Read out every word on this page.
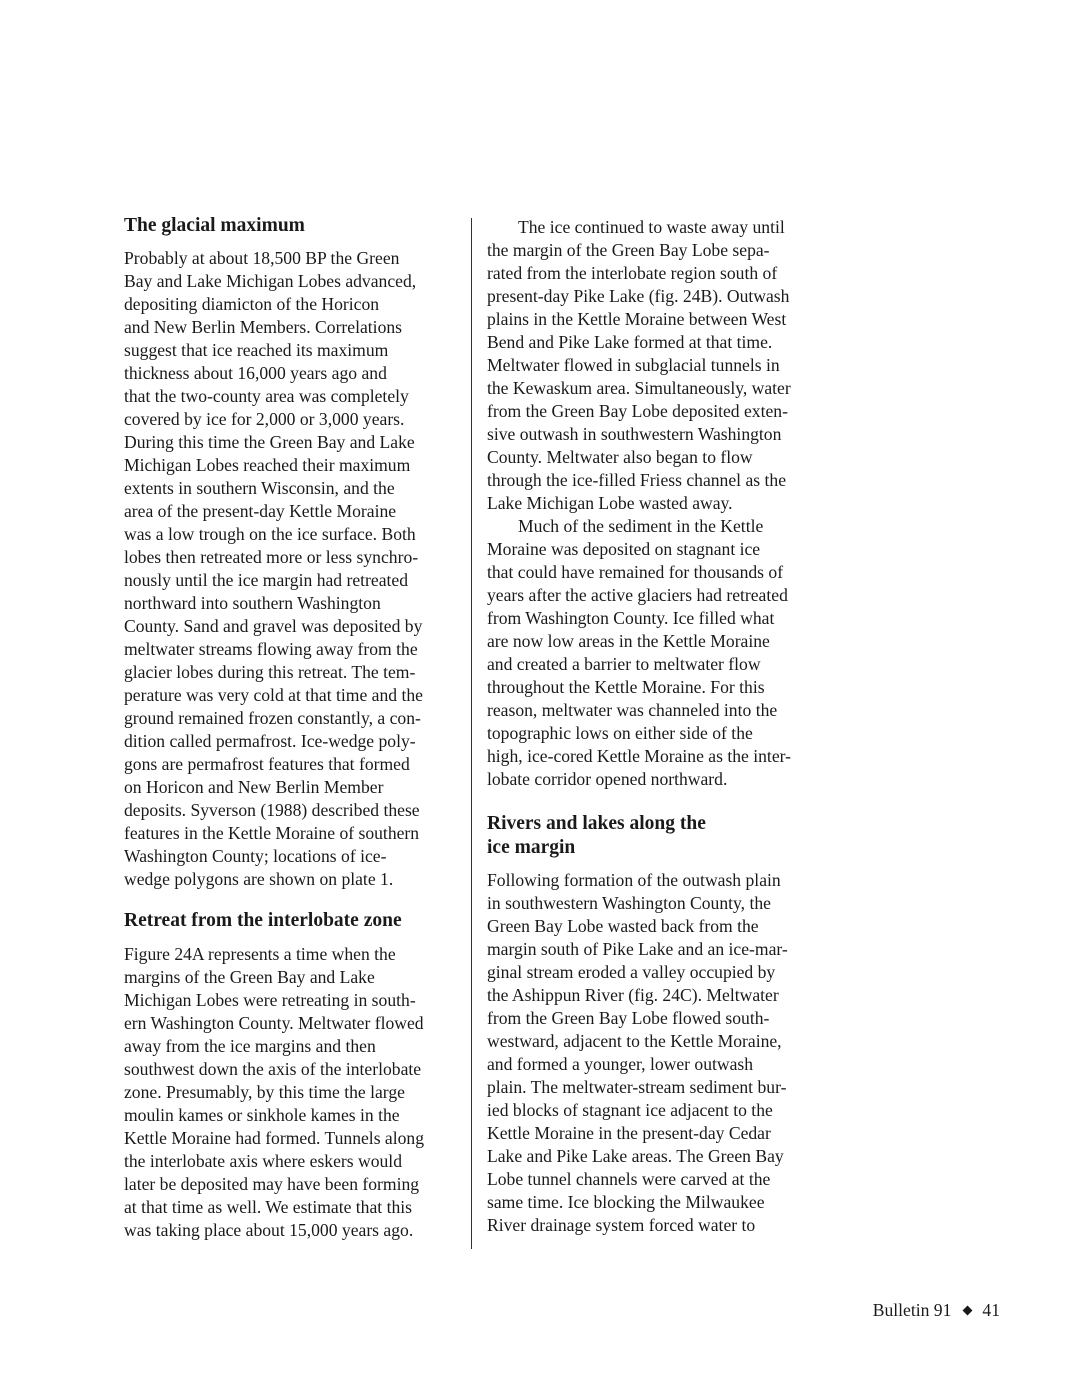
The glacial maximum

Probably at about 18,500 BP the Green
Bay and Lake Michigan Lobes advanced,
depositing diamicton of the Horicon
and New Berlin Members. Correlations
suggest that ice reached its maximum
thickness about 16,000 years ago and
that the two-county area was completely
covered by ice for 2,000 or 3,000 years.
During this time the Green Bay and Lake
Michigan Lobes reached their maximum
extents in southern Wisconsin, and the
area of the present-day Kettle Moraine
was a low trough on the ice surface. Both
lobes then retreated more or less synchro-
nously until the ice margin had retreated
northward into southern Washington
County. Sand and gravel was deposited by
meltwater streams flowing away from the
glacier lobes during this retreat. The tem-
perature was very cold at that time and the
ground remained frozen constantly, a con-
dition called permafrost. Ice-wedge poly-
gons are permafrost features that formed
on Horicon and New Berlin Member
deposits. Syverson (1988) described these
features in the Kettle Moraine of southern
Washington County; locations of ice-
wedge polygons are shown on plate 1.

Retreat from the interlobate zone

Figure 24A represents a time when the
margins of the Green Bay and Lake
Michigan Lobes were retreating in south-
ern Washington County. Meltwater flowed
away from the ice margins and then
southwest down the axis of the interlobate
zone. Presumably, by this time the large
moulin kames or sinkhole kames in the
Kettle Moraine had formed. Tunnels along
the interlobate axis where eskers would
later be deposited may have been forming
at that time as well. We estimate that this
was taking place about 15,000 years ago.

The ice continued to waste away until
the margin of the Green Bay Lobe sepa-
rated from the interlobate region south of
present-day Pike Lake (fig. 24B). Outwash
plains in the Kettle Moraine between West
Bend and Pike Lake formed at that time.
Meltwater flowed in subglacial tunnels in
the Kewaskum area. Simultaneously, water
from the Green Bay Lobe deposited exten-
sive outwash in southwestern Washington
County. Meltwater also began to flow
through the ice-filled Friess channel as the
Lake Michigan Lobe wasted away.

Much of the sediment in the Kettle
Moraine was deposited on stagnant ice
that could have remained for thousands of
years after the active glaciers had retreated
from Washington County. Ice filled what
are now low areas in the Kettle Moraine
and created a barrier to meltwater flow
throughout the Kettle Moraine. For this
reason, meltwater was channeled into the
topographic lows on either side of the
high, ice-cored Kettle Moraine as the inter-
lobate corridor opened northward.

Rivers and lakes along the
ice margin

Following formation of the outwash plain
in southwestern Washington County, the
Green Bay Lobe wasted back from the
margin south of Pike Lake and an ice-mar-
ginal stream eroded a valley occupied by
the Ashippun River (fig. 24C). Meltwater
from the Green Bay Lobe flowed south-
westward, adjacent to the Kettle Moraine,
and formed a younger, lower outwash
plain. The meltwater-stream sediment bur-
ied blocks of stagnant ice adjacent to the
Kettle Moraine in the present-day Cedar
Lake and Pike Lake areas. The Green Bay
Lobe tunnel channels were carved at the
same time. Ice blocking the Milwaukee
River drainage system forced water to

Bulletin 91 41
